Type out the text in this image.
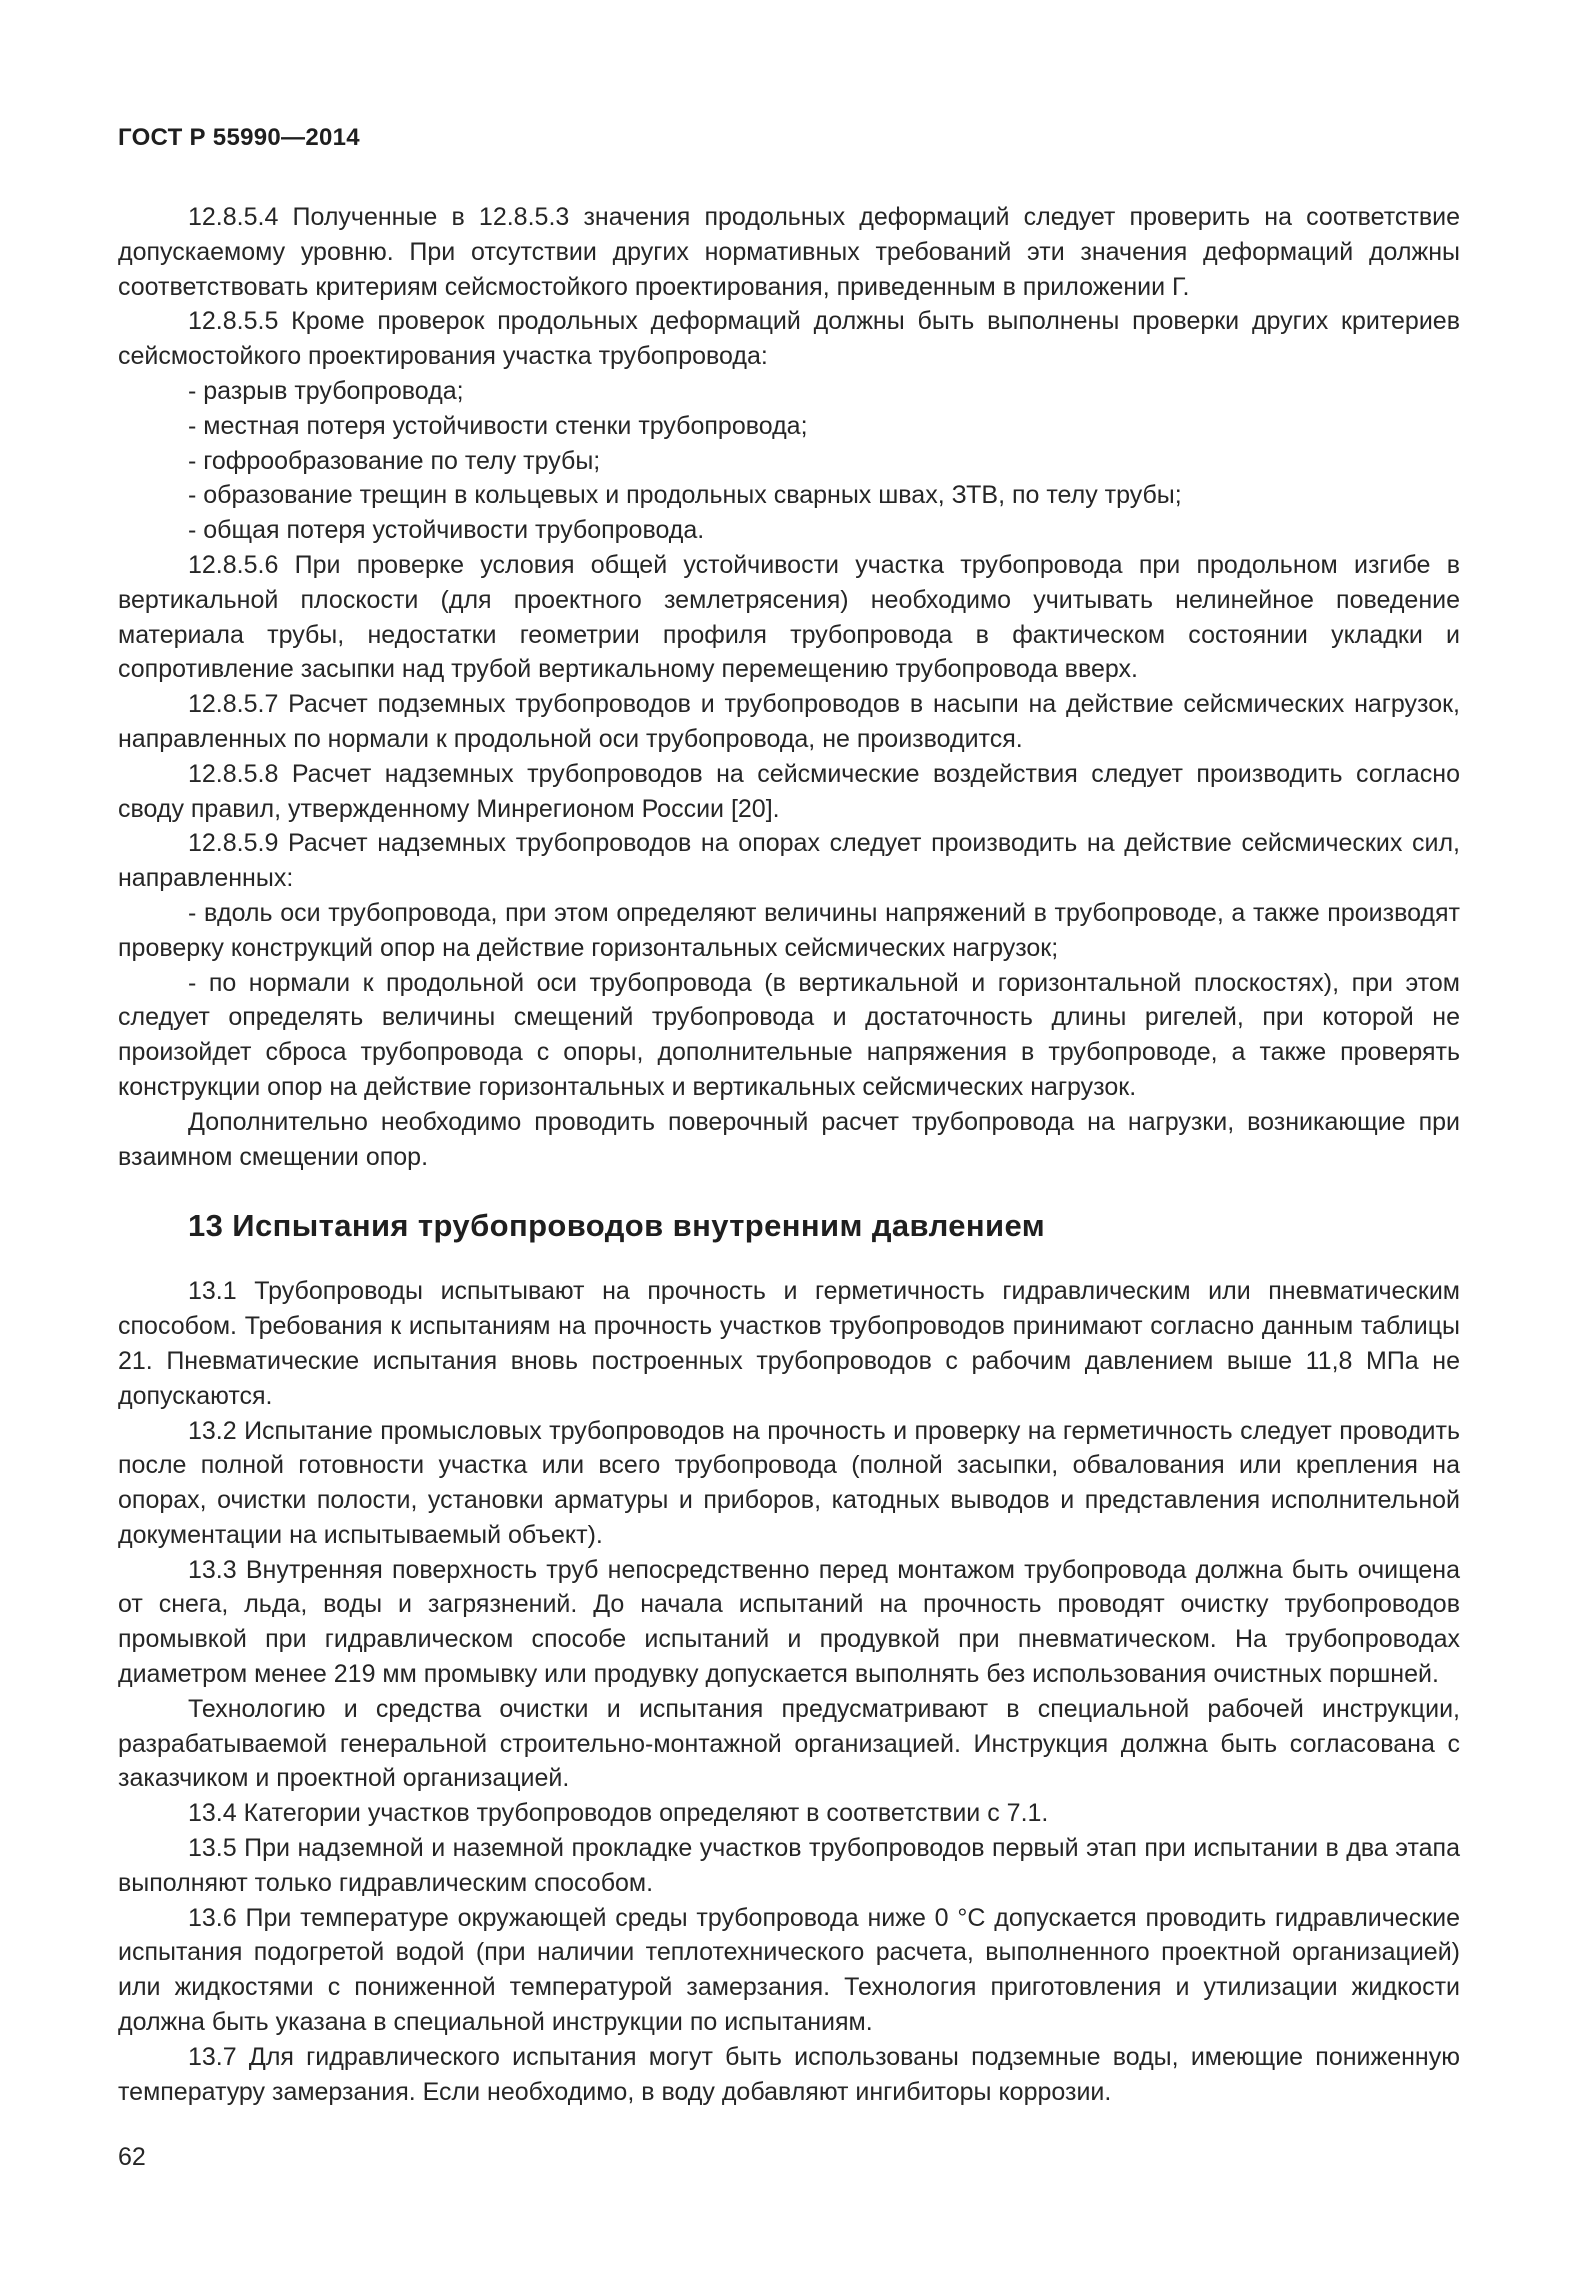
ГОСТ Р 55990—2014

12.8.5.4 Полученные в 12.8.5.3 значения продольных деформаций следует проверить на соответствие допускаемому уровню. При отсутствии других нормативных требований эти значения деформаций должны соответствовать критериям сейсмостойкого проектирования, приведенным в приложении Г.

12.8.5.5 Кроме проверок продольных деформаций должны быть выполнены проверки других критериев сейсмостойкого проектирования участка трубопровода:

- разрыв трубопровода;

- местная потеря устойчивости стенки трубопровода;

- гофрообразование по телу трубы;

- образование трещин в кольцевых и продольных сварных швах, ЗТВ, по телу трубы;

- общая потеря устойчивости трубопровода.

12.8.5.6 При проверке условия общей устойчивости участка трубопровода при продольном изгибе в вертикальной плоскости (для проектного землетрясения) необходимо учитывать нелинейное поведение материала трубы, недостатки геометрии профиля трубопровода в фактическом состоянии укладки и сопротивление засыпки над трубой вертикальному перемещению трубопровода вверх.

12.8.5.7 Расчет подземных трубопроводов и трубопроводов в насыпи на действие сейсмических нагрузок, направленных по нормали к продольной оси трубопровода, не производится.

12.8.5.8 Расчет надземных трубопроводов на сейсмические воздействия следует производить согласно своду правил, утвержденному Минрегионом России [20].

12.8.5.9 Расчет надземных трубопроводов на опорах следует производить на действие сейсмических сил, направленных:

- вдоль оси трубопровода, при этом определяют величины напряжений в трубопроводе, а также производят проверку конструкций опор на действие горизонтальных сейсмических нагрузок;

- по нормали к продольной оси трубопровода (в вертикальной и горизонтальной плоскостях), при этом следует определять величины смещений трубопровода и достаточность длины ригелей, при которой не произойдет сброса трубопровода с опоры, дополнительные напряжения в трубопроводе, а также проверять конструкции опор на действие горизонтальных и вертикальных сейсмических нагрузок.

Дополнительно необходимо проводить поверочный расчет трубопровода на нагрузки, возникающие при взаимном смещении опор.

13 Испытания трубопроводов внутренним давлением

13.1 Трубопроводы испытывают на прочность и герметичность гидравлическим или пневматическим способом. Требования к испытаниям на прочность участков трубопроводов принимают согласно данным таблицы 21. Пневматические испытания вновь построенных трубопроводов с рабочим давлением выше 11,8 МПа не допускаются.

13.2 Испытание промысловых трубопроводов на прочность и проверку на герметичность следует проводить после полной готовности участка или всего трубопровода (полной засыпки, обвалования или крепления на опорах, очистки полости, установки арматуры и приборов, катодных выводов и представления исполнительной документации на испытываемый объект).

13.3 Внутренняя поверхность труб непосредственно перед монтажом трубопровода должна быть очищена от снега, льда, воды и загрязнений. До начала испытаний на прочность проводят очистку трубопроводов промывкой при гидравлическом способе испытаний и продувкой при пневматическом. На трубопроводах диаметром менее 219 мм промывку или продувку допускается выполнять без использования очистных поршней.

Технологию и средства очистки и испытания предусматривают в специальной рабочей инструкции, разрабатываемой генеральной строительно-монтажной организацией. Инструкция должна быть согласована с заказчиком и проектной организацией.

13.4 Категории участков трубопроводов определяют в соответствии с 7.1.

13.5 При надземной и наземной прокладке участков трубопроводов первый этап при испытании в два этапа выполняют только гидравлическим способом.

13.6 При температуре окружающей среды трубопровода ниже 0 °С допускается проводить гидравлические испытания подогретой водой (при наличии теплотехнического расчета, выполненного проектной организацией) или жидкостями с пониженной температурой замерзания. Технология приготовления и утилизации жидкости должна быть указана в специальной инструкции по испытаниям.

13.7 Для гидравлического испытания могут быть использованы подземные воды, имеющие пониженную температуру замерзания. Если необходимо, в воду добавляют ингибиторы коррозии.

62
